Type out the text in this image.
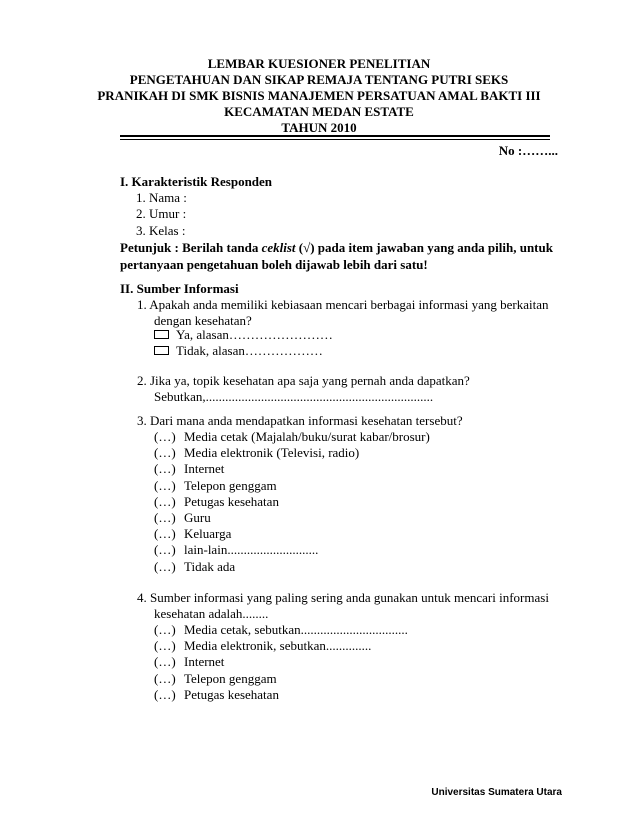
LEMBAR KUESIONER PENELITIAN
PENGETAHUAN DAN SIKAP REMAJA TENTANG PUTRI SEKS
PRANIKAH DI SMK BISNIS MANAJEMEN PERSATUAN AMAL BAKTI III
KECAMATAN MEDAN ESTATE
TAHUN 2010
No :……...
I. Karakteristik Responden
1. Nama :
2. Umur :
3. Kelas :
Petunjuk : Berilah tanda ceklist (√) pada item jawaban yang anda pilih, untuk
pertanyaan pengetahuan boleh dijawab lebih dari satu!
II. Sumber Informasi
1. Apakah anda memiliki kebiasaan mencari berbagai informasi yang berkaitan
dengan kesehatan?
Ya, alasan……………………
Tidak, alasan………………
2. Jika ya, topik kesehatan apa saja yang pernah anda dapatkan?
Sebutkan,......................................................................
3. Dari mana anda mendapatkan informasi kesehatan tersebut?
(…) Media cetak (Majalah/buku/surat kabar/brosur)
(…) Media elektronik (Televisi, radio)
(…) Internet
(…) Telepon genggam
(…) Petugas kesehatan
(…) Guru
(…) Keluarga
(…) lain-lain............................
(…) Tidak ada
4. Sumber informasi yang paling sering anda gunakan untuk mencari informasi
kesehatan adalah........
(…) Media cetak, sebutkan.................................
(…) Media elektronik, sebutkan..............
(…) Internet
(…) Telepon genggam
(…) Petugas kesehatan
Universitas Sumatera Utara
